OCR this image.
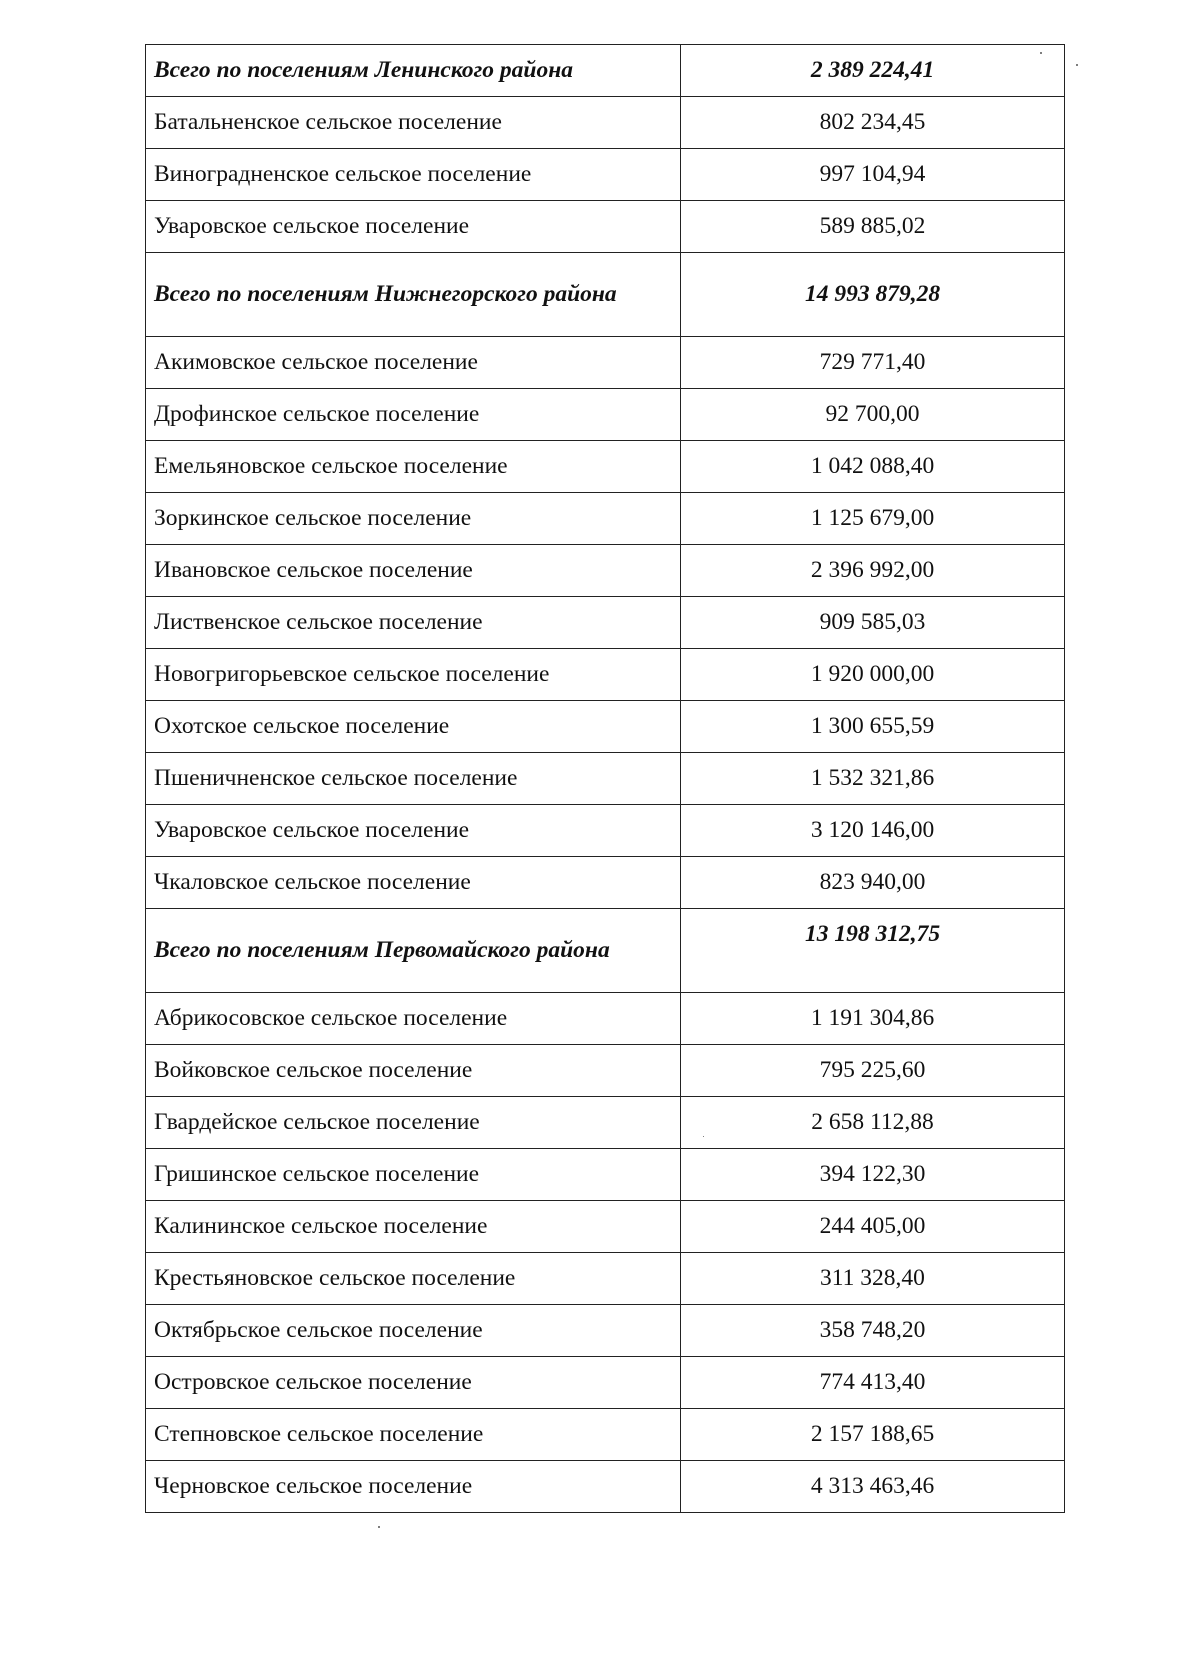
Всего по поселениям Ленинского района	2 389 224,41
Батальненское сельское поселение	802 234,45
Виноградненское сельское поселение	997 104,94
Уваровское сельское поселение	589 885,02
Всего по поселениям Нижнегорского района	14 993 879,28
Акимовское сельское поселение	729 771,40
Дрофинское сельское поселение	92 700,00
Емельяновское сельское поселение	1 042 088,40
Зоркинское сельское поселение	1 125 679,00
Ивановское сельское поселение	2 396 992,00
Лиственское сельское поселение	909 585,03
Новогригорьевское сельское поселение	1 920 000,00
Охотское сельское поселение	1 300 655,59
Пшеничненское сельское поселение	1 532 321,86
Уваровское сельское поселение	3 120 146,00
Чкаловское сельское поселение	823 940,00
Всего по поселениям Первомайского района	13 198 312,75
Абрикосовское сельское поселение	1 191 304,86
Войковское сельское поселение	795 225,60
Гвардейское сельское поселение	2 658 112,88
Гришинское сельское поселение	394 122,30
Калининское сельское поселение	244 405,00
Крестьяновское сельское поселение	311 328,40
Октябрьское сельское поселение	358 748,20
Островское сельское поселение	774 413,40
Степновское сельское поселение	2 157 188,65
Черновское сельское поселение	4 313 463,46
